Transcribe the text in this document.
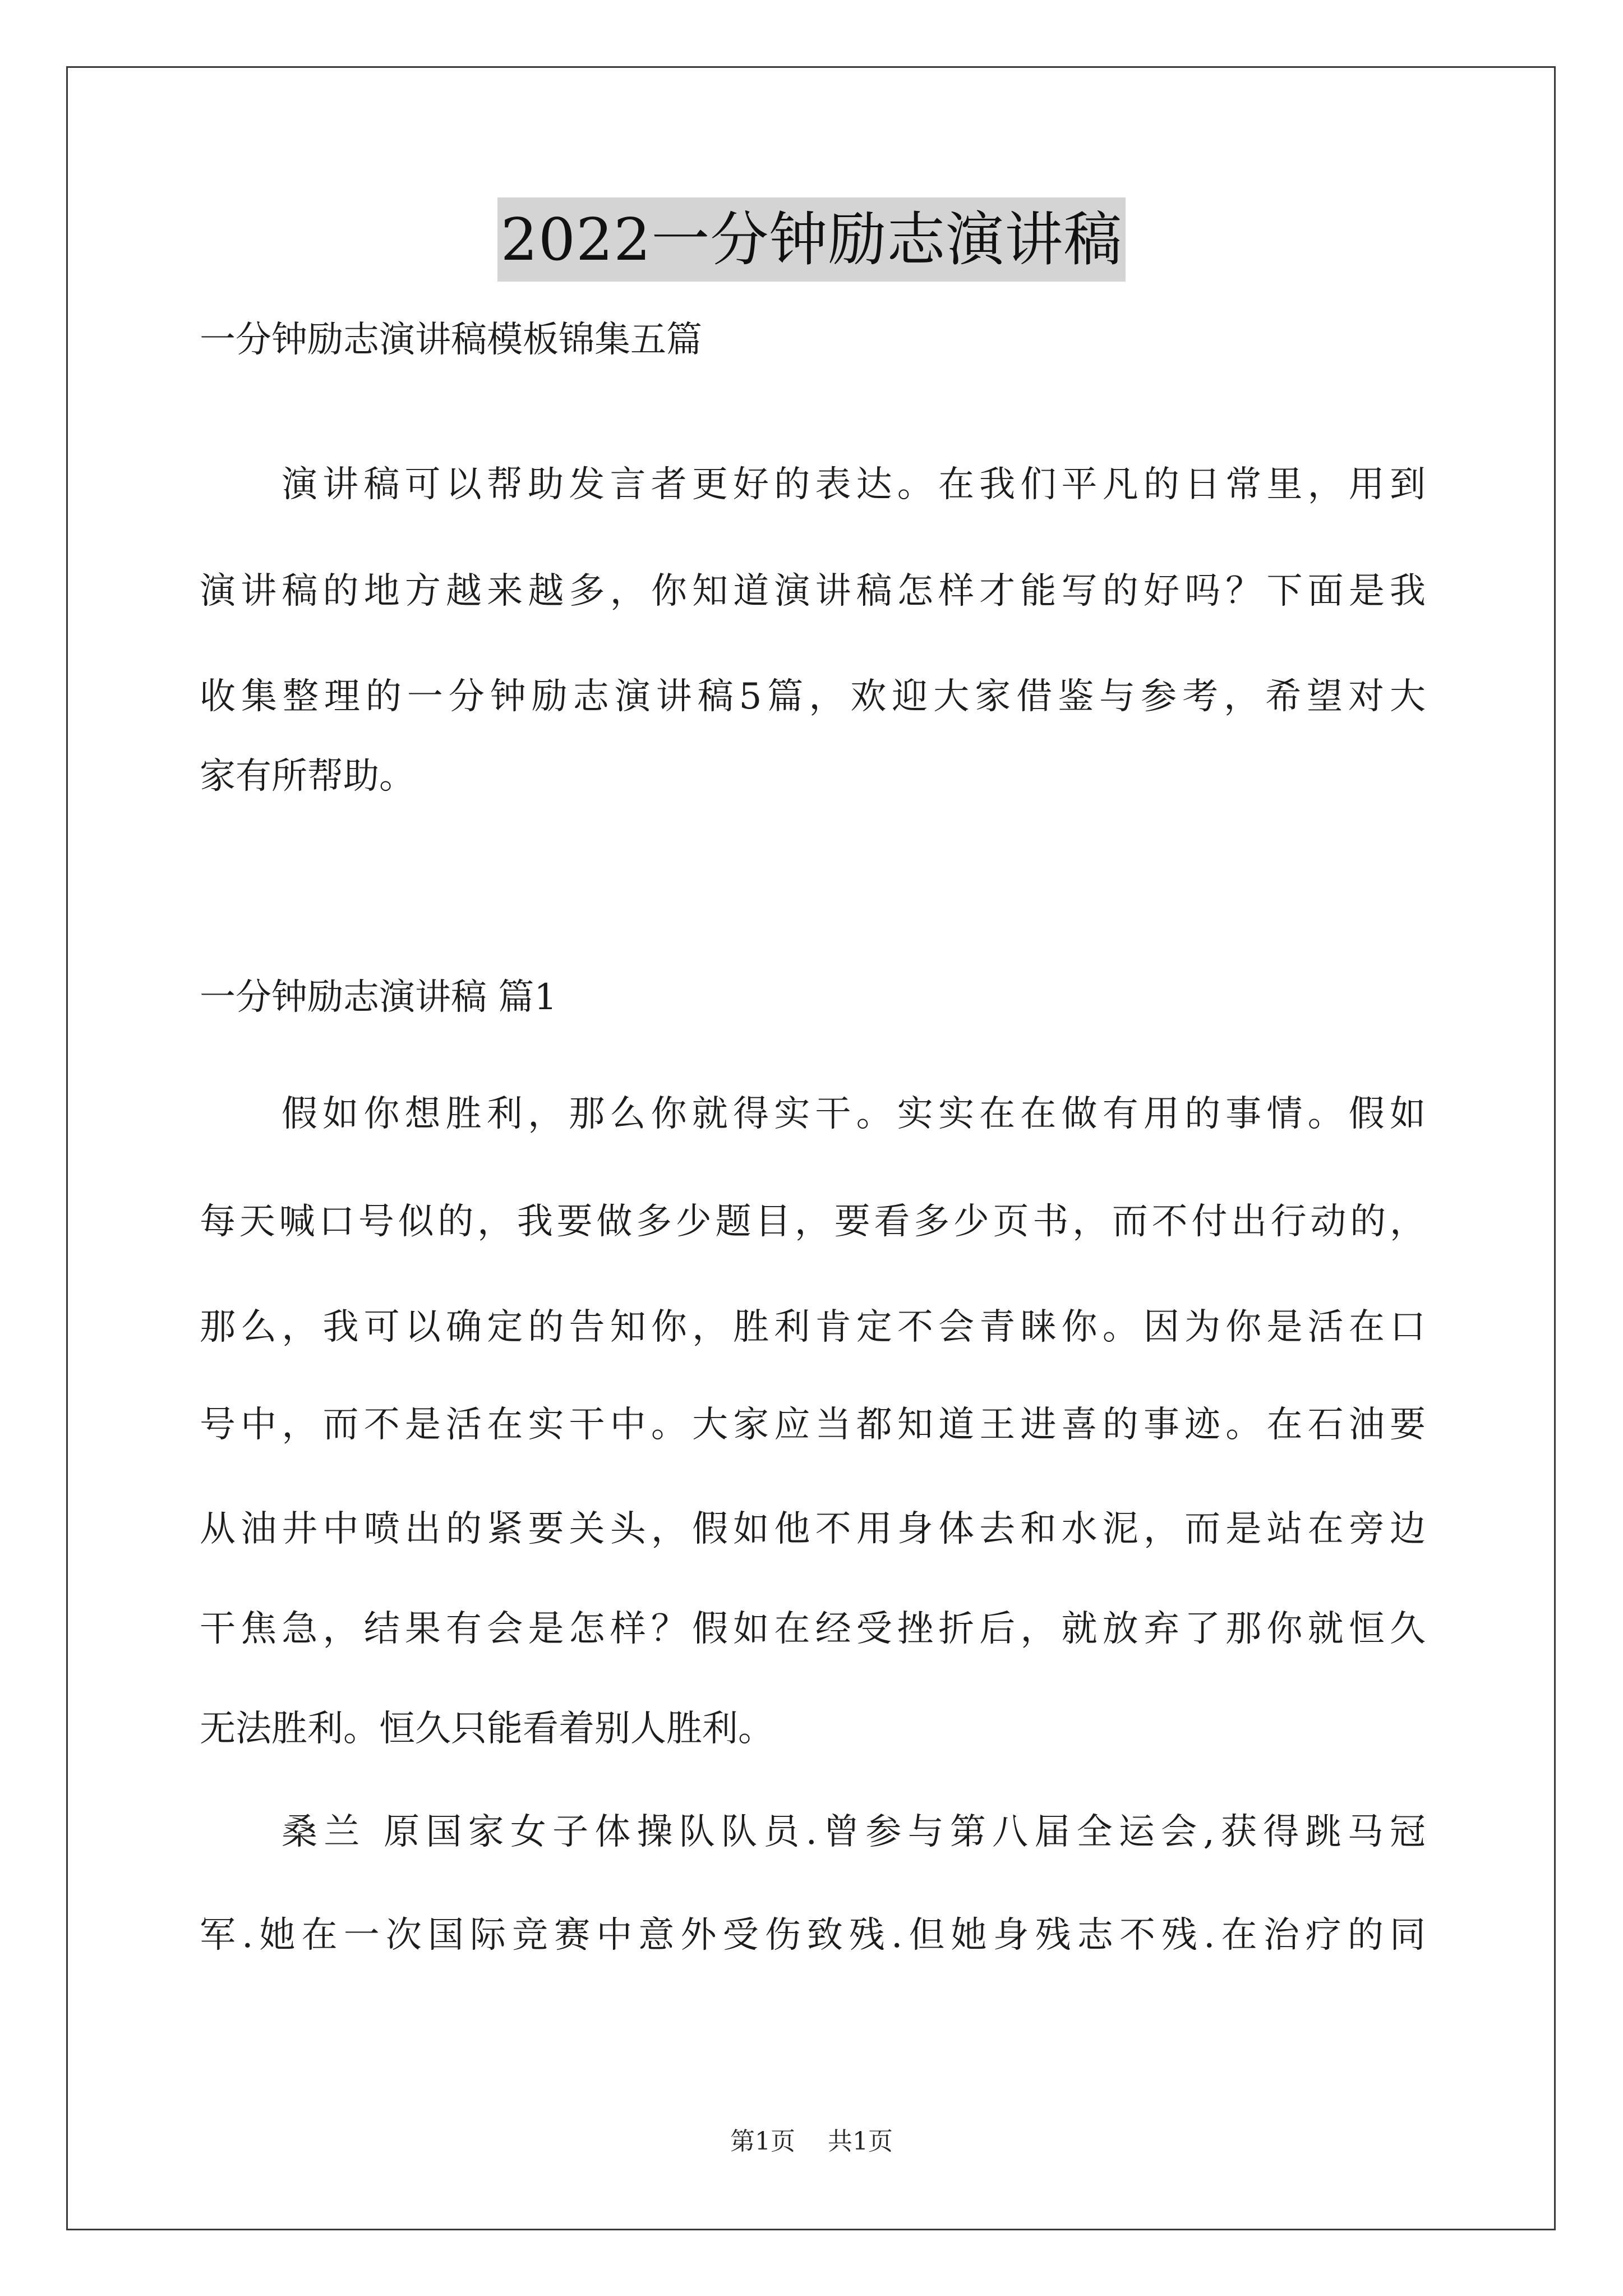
2022一分钟励志演讲稿
一分钟励志演讲稿模板锦集五篇
演讲稿可以帮助发言者更好的表达。在我们平凡的日常里，用到
演讲稿的地方越来越多，你知道演讲稿怎样才能写的好吗？下面是我
收集整理的一分钟励志演讲稿5篇，欢迎大家借鉴与参考，希望对大
家有所帮助。
一分钟励志演讲稿 篇1
假如你想胜利，那么你就得实干。实实在在做有用的事情。假如
每天喊口号似的，我要做多少题目，要看多少页书，而不付出行动的，
那么，我可以确定的告知你，胜利肯定不会青睐你。因为你是活在口
号中，而不是活在实干中。大家应当都知道王进喜的事迹。在石油要
从油井中喷出的紧要关头，假如他不用身体去和水泥，而是站在旁边
干焦急，结果有会是怎样？假如在经受挫折后，就放弃了那你就恒久
无法胜利。恒久只能看着别人胜利。
桑兰 原国家女子体操队队员.曾参与第八届全运会,获得跳马冠
军.她在一次国际竞赛中意外受伤致残.但她身残志不残.在治疗的同
第1页 共1页
